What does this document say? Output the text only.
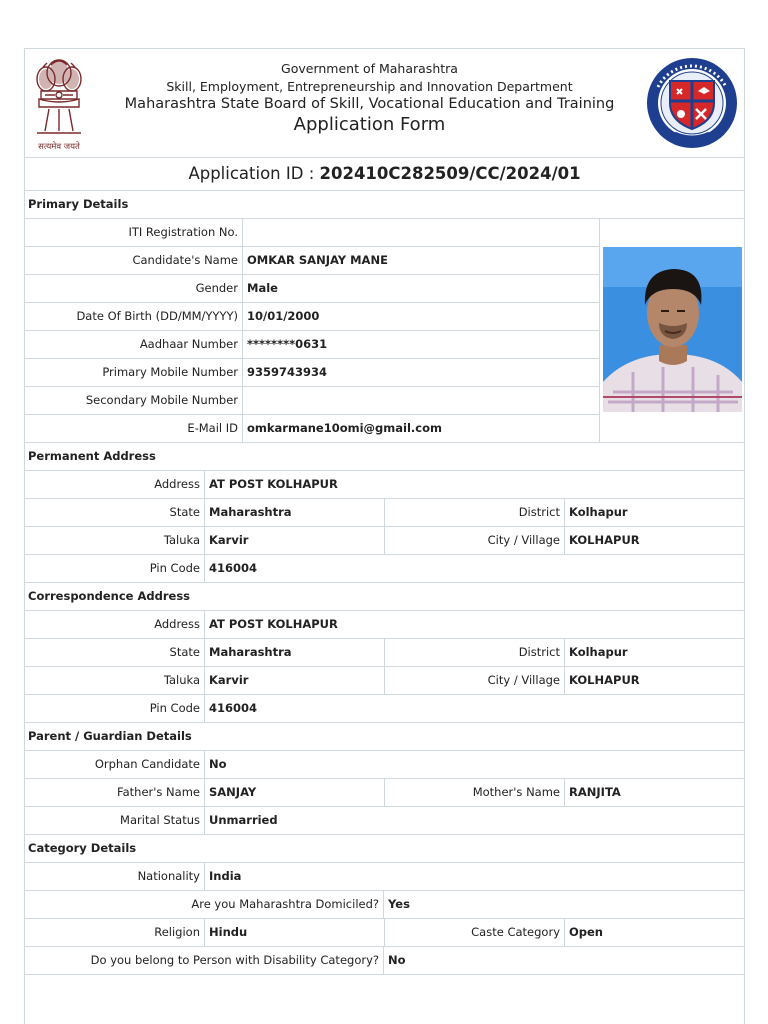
सत्यमेव जयते
Government of Maharashtra
Skill, Employment, Entrepreneurship and Innovation Department
Maharashtra State Board of Skill, Vocational Education and Training
Application Form
Application ID : 202410C282509/CC/2024/01
Primary Details
ITI Registration No.
Candidate's Name OMKAR SANJAY MANE
Gender Male
Date Of Birth (DD/MM/YYYY) 10/01/2000
Aadhaar Number ********0631
Primary Mobile Number 9359743934
Secondary Mobile Number
E-Mail ID omkarmane10omi@gmail.com
Permanent Address
Address AT POST KOLHAPUR
State Maharashtra	District Kolhapur
Taluka Karvir	City / Village KOLHAPUR
Pin Code 416004
Correspondence Address
Address AT POST KOLHAPUR
State Maharashtra	District Kolhapur
Taluka Karvir	City / Village KOLHAPUR
Pin Code 416004
Parent / Guardian Details
Orphan Candidate No
Father's Name SANJAY	Mother's Name RANJITA
Marital Status Unmarried
Category Details
Nationality India
Are you Maharashtra Domiciled? Yes
Religion Hindu	Caste Category Open
Do you belong to Person with Disability Category? No
